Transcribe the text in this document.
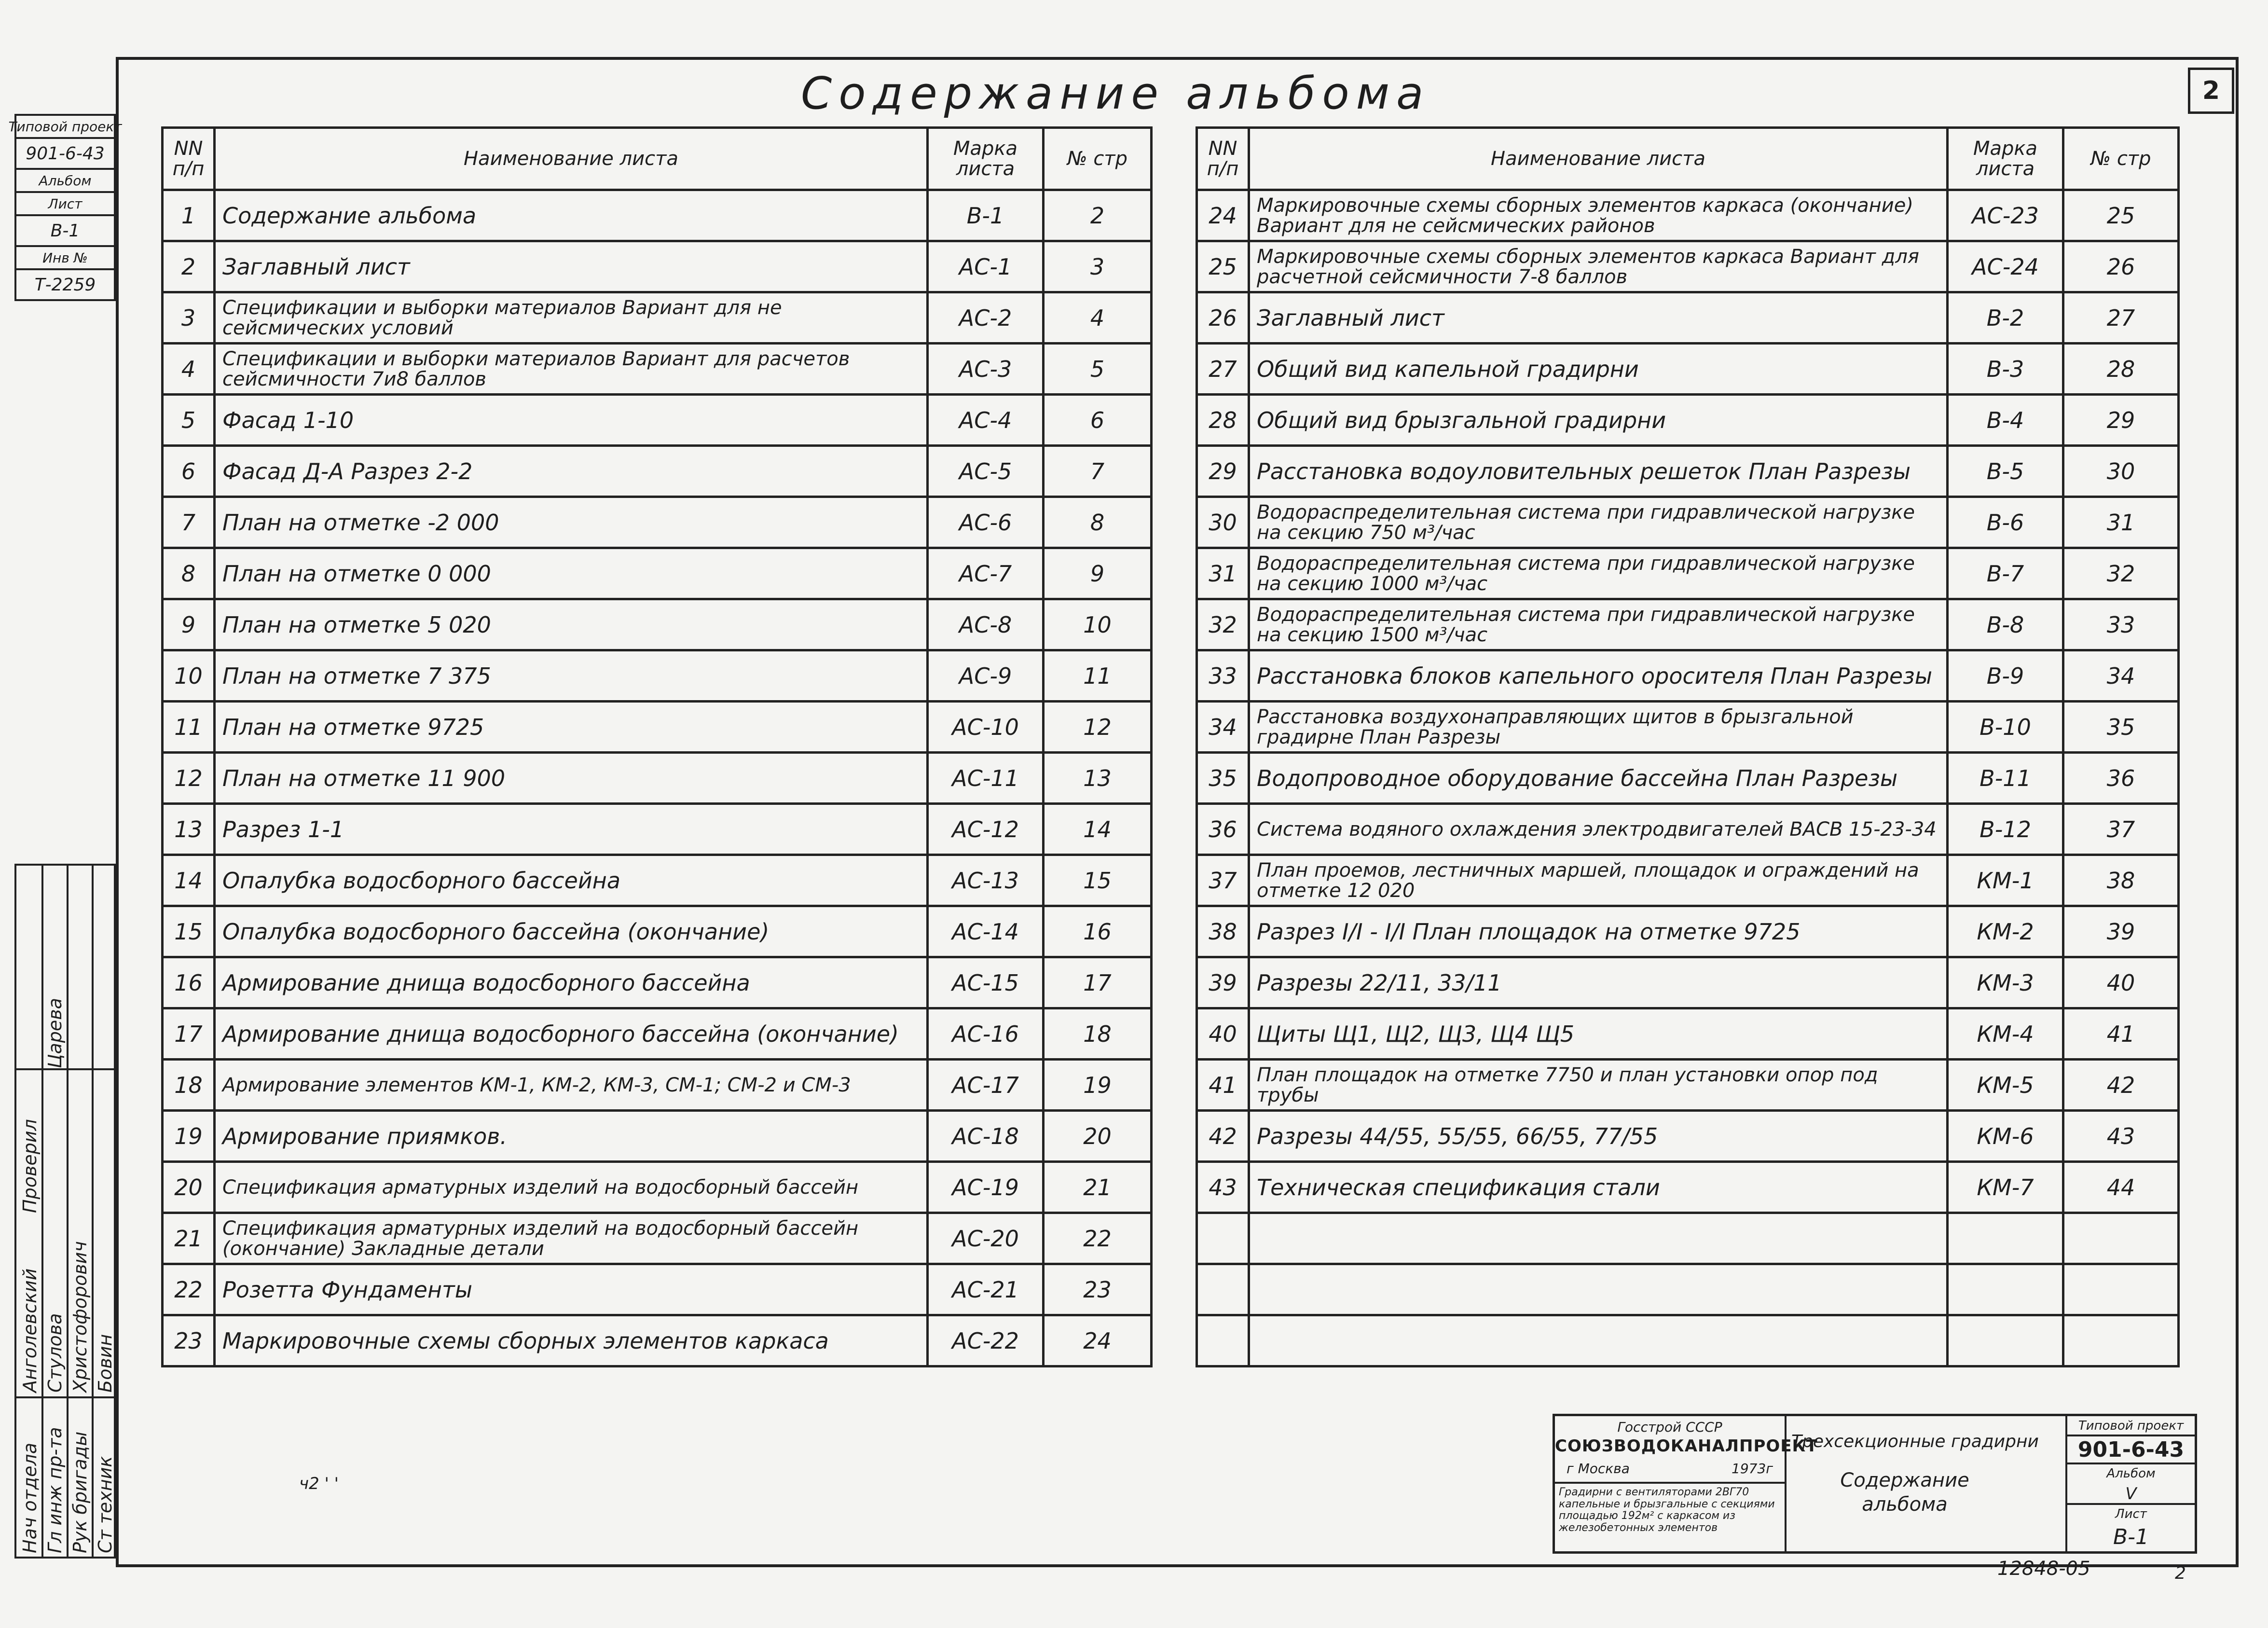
2
Содержание альбома
NN п/п	Наименование листа	Марка листа	№ стр
1	Содержание альбома	В-1	2
2	Заглавный лист	АС-1	3
3	Спецификации и выборки материалов Вариант для не сейсмических условий	АС-2	4
4	Спецификации и выборки материалов Вариант для расчетов сейсмичности 7и8 баллов	АС-3	5
5	Фасад 1-10	АС-4	6
6	Фасад Д-А Разрез 2-2	АС-5	7
7	План на отметке -2 000	АС-6	8
8	План на отметке 0 000	АС-7	9
9	План на отметке 5 020	АС-8	10
10	План на отметке 7 375	АС-9	11
11	План на отметке 9725	АС-10	12
12	План на отметке 11 900	АС-11	13
13	Разрез 1-1	АС-12	14
14	Опалубка водосборного бассейна	АС-13	15
15	Опалубка водосборного бассейна (окончание)	АС-14	16
16	Армирование днища водосборного бассейна	АС-15	17
17	Армирование днища водосборного бассейна (окончание)	АС-16	18
18	Армирование элементов КМ-1, КМ-2, КМ-3, СМ-1; СМ-2 и СМ-3	АС-17	19
19	Армирование приямков.	АС-18	20
20	Спецификация арматурных изделий на водосборный бассейн	АС-19	21
21	Спецификация арматурных изделий на водосборный бассейн (окончание) Закладные детали	АС-20	22
22	Розетта Фундаменты	АС-21	23
23	Маркировочные схемы сборных элементов каркаса	АС-22	24
NN п/п	Наименование листа	Марка листа	№ стр
24	Маркировочные схемы сборных элементов каркаса (окончание) Вариант для не сейсмических районов	АС-23	25
25	Маркировочные схемы сборных элементов каркаса Вариант для расчетной сейсмичности 7-8 баллов	АС-24	26
26	Заглавный лист	В-2	27
27	Общий вид капельной градирни	В-3	28
28	Общий вид брызгальной градирни	В-4	29
29	Расстановка водоуловительных решеток План Разрезы	В-5	30
30	Водораспределительная система при гидравлической нагрузке на секцию 750 м³/час	В-6	31
31	Водораспределительная система при гидравлической нагрузке на секцию 1000 м³/час	В-7	32
32	Водораспределительная система при гидравлической нагрузке на секцию 1500 м³/час	В-8	33
33	Расстановка блоков капельного оросителя План Разрезы	В-9	34
34	Расстановка воздухонаправляющих щитов в брызгальной градирне План Разрезы	В-10	35
35	Водопроводное оборудование бассейна План Разрезы	В-11	36
36	Система водяного охлаждения электродвигателей ВАСВ 15-23-34	В-12	37
37	План проемов, лестничных маршей, площадок и ограждений на отметке 12 020	КМ-1	38
38	Разрез I/I - I/I План площадок на отметке 9725	КМ-2	39
39	Разрезы 22/11, 33/11	КМ-3	40
40	Щиты Щ1, Щ2, Щ3, Щ4 Щ5	КМ-4	41
41	План площадок на отметке 7750 и план установки опор под трубы	КМ-5	42
42	Разрезы 44/55, 55/55, 66/55, 77/55	КМ-6	43
43	Техническая спецификация стали	КМ-7	44

Типовой проект
901-6-43
Альбом
Лист
В-1
Инв №
Т-2259
Нач отдела Гл инж пр-та Рук бригады Ст техник
Анголевский Стулова Христофорович Бовин
Проверил
Царева
Госстрой СССР
СОЮЗВОДОКАНАЛПРОЕКТ
г Москва	1973г
Градирни с вентиляторами 2ВГ70 капельные и брызгальные с секциями площадью 192м² с каркасом из железобетонных элементов
Трехсекционные градирни
Содержание альбома
Типовой проект
901-6-43
Альбом
V
Лист
В-1
12848-05	2
ч2 ' '
